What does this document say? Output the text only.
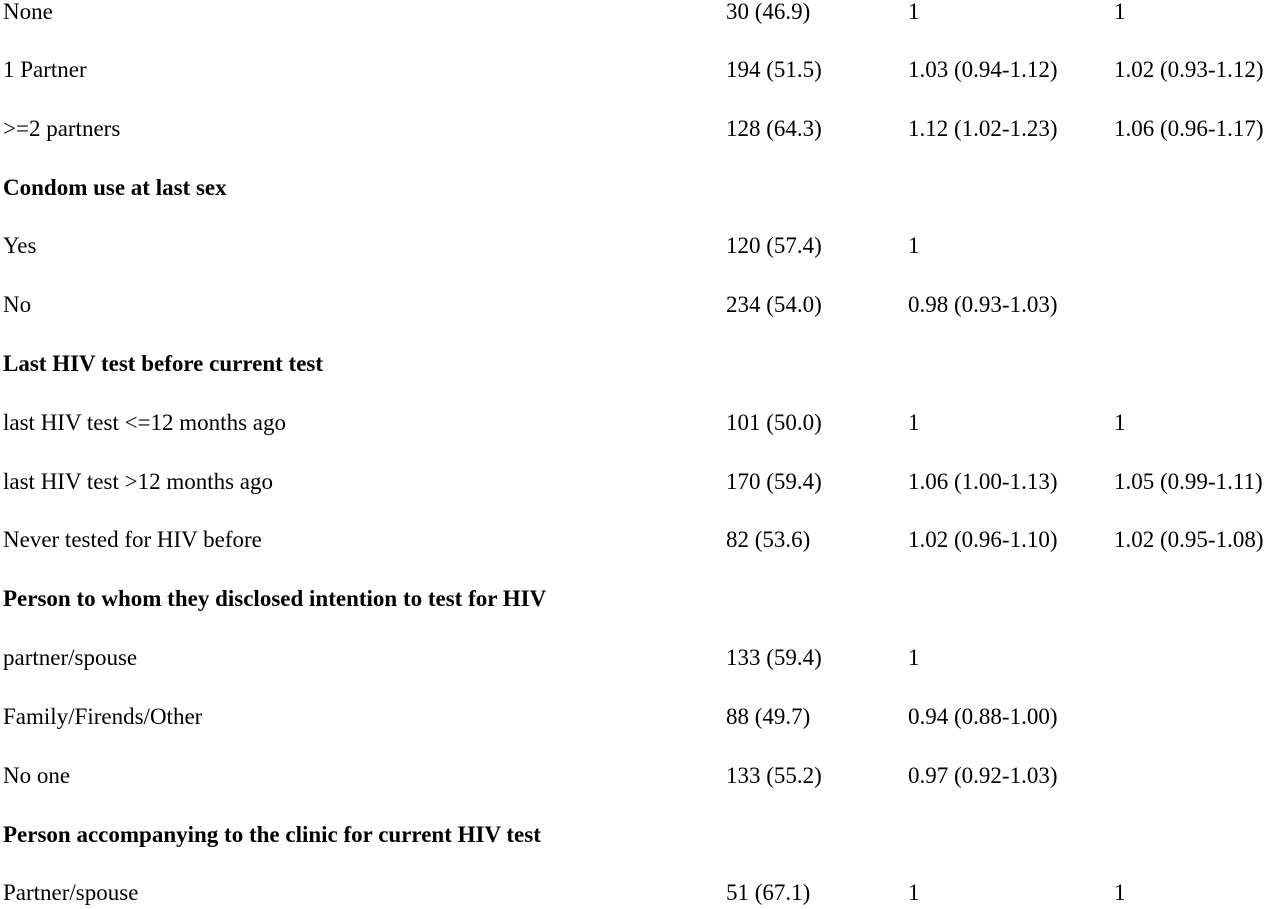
None	30 (46.9)	1	1
1 Partner	194 (51.5)	1.03 (0.94-1.12) 1.02 (0.93-1.12)
>=2 partners	128 (64.3)	1.12 (1.02-1.23) 1.06 (0.96-1.17)
Condom use at last sex
Yes	120 (57.4)	1
No	234 (54.0)	0.98 (0.93-1.03)
Last HIV test before current test
last HIV test <=12 months ago	101 (50.0)	1	1
last HIV test >12 months ago	170 (59.4)	1.06 (1.00-1.13) 1.05 (0.99-1.11)
Never tested for HIV before	82 (53.6)	1.02 (0.96-1.10) 1.02 (0.95-1.08)
Person to whom they disclosed intention to test for HIV
partner/spouse	133 (59.4)	1
Family/Firends/Other	88 (49.7)	0.94 (0.88-1.00)
No one	133 (55.2)	0.97 (0.92-1.03)
Person accompanying to the clinic for current HIV test
Partner/spouse	51 (67.1)	1	1
